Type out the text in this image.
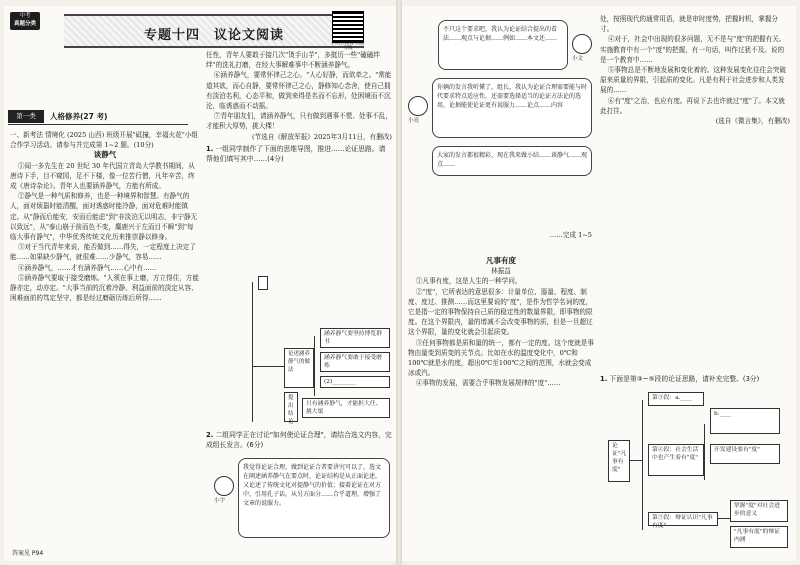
中考
真题分类
专题十四　议论文阅读
扫码看微课 精题互练
第一类	人格修养(27 考)

一、新考法 情境化 (2025 山西) 班级开展"砥撞，幸福火花"小组合作学习活动。请参与并完成第 1~2 题。(10分)

谈静气

①闻一多先生在 20 世纪 30 年代国立青岛大学教书期间，从唐诗下手，目不窥园，足不下楼，像一位苦行僧，凡年辛苦，终成《唐诗杂论》。青年人也要涵养静气，方能有所成。

②静气是一种气质和修养，也是一种境界和智慧。有静气的人，面对烦嚣时能清醒，面对诱惑时能冷静，面对危难时能镇定。从"静而后能安，安而后能虑"到"非淡泊无以明志，非宁静无以致远"，从"泰山崩于前而色不变，麋鹿兴于左而目不瞬"到"每临大事有静气"，中华优秀传统文化历来推崇静以修身。

③对于当代青年来说，能否做到……得失，一定程度上决定了能……如果缺少静气，就很难……少静气，容易……

④涵养静气，……才有涵养静气……心中有……

⑤涵养静气要取于接受磨炼。"人须在事上磨，方立得住，方能静亦定，动亦定。"大事当前的沉着冷静、利益面前的淡定从容、困难面前的笃定坚守，都是经过磨砺历练后所得……

任性，青年人要敢于接几次"烫手山芋"，多挺历一些"磕磕绊绊"的洗礼打磨，在经大事解难事中不断涵养静气。

⑥涵养静气，要常怀律己之心。"人心好静，而欲牵之。"常能道其欲，而心自静，要常怀律己之心，静修知心念舍，使自己拥有淡泊名利，心态平和，做到来得是名而不忘形，处困境而不沉沦，临诱惑而不动摇。

⑦青年朋友们，请涵养静气，只有做到遇事不慌、处事不乱，才能积大厚势，挑大棵！

(节选自《解放军报》2025年3月11日，有删改)

1. 一组同学制作了下面的思维导图，推进……论证思路。请帮他们填写其中……(4分)
论述涵养静气的做法
涵养静气要坚持博览群书
涵养静气要敢于接受磨炼
(2)________
提出结论
只有涵养静气，才能担大任、挑大梁
2. 二组同学正在讨论"如何使论证合理"，请结合选文内容，完成组长发言。(6分)
小宇
我觉得论证合理，做到论证合者要讲究可以了，选文在阐述涵养静气在要点时，论证结构是从正面论述，又论述了传统文化对提静气的价值；接着论证在对方中，引用孔子话，从另方面分……合乎道理，增强了文章的说服力。
答案见 P94
不只这个要求吧，我认为论证结合提出的看法……观点与论据……例如……本文还……
小文
小亮
你俩的发言我听懂了，组长，我认为论证合理需要能与时代要求特点适应性，还需要选择适当的论证方法论的选用，论据能使论证更有说服力……论点……内容
大家的发言都很精彩，现在我来做小结……谈静气……观点……
……完成 1~5

凡事有度

林振益

①凡事有度，这是人生的一种学问。

②"度"，它所表达的意思很多：计量单位、器量、程度、制度、度过、推测……而这里要说的"度"，是作为哲学名词的度，它是指一定的事物保持自己质的稳定性的数量界限，即事物的限度。在这个界限内，量的增减不会改变事物的质，但是一旦超过这个界限，量的变化就会引起质变。

③任何事物都是质和量的统一，都有一定的度。这个度就是事物由量变到质变的关节点。比如在水的温度变化中，0℃和100℃就是水的度，超出0℃至100℃之间的范围，水就会变成冰或汽。

④事物的发展，需要合乎事物发展规律的"度"……

处，按照现代的通常用语，就是审时度势，把握时机，掌握分寸。

④对于，社会中出现的很多问题，无不是与"度"的把握有关。实施教育中有一个"度"的把握，有一句话，叫作过犹不及。说的是一个教育中……

⑤事物总是不断地发展和变化着的。这种发展变化往往会突破原来质量的界限，引起质的变化。凡是有利于社会进步和人类发展的……

⑥有"度"之治，也应有度。再说下去也许就过"度"了。本文就此打住。

(选自《微言集》，有删改)

1. 下面是第③~⑤段的论证思路，请补充完整。(3分)
论证"凡事有度"
第③段：a.____
第④段：社会生活中也产生着有"度"
第⑤段：辩证认识"凡事有度"
b.____
开发建设要有"度"
掌握"度"对社会进步的意义
"凡事有度"的辩证内涵
